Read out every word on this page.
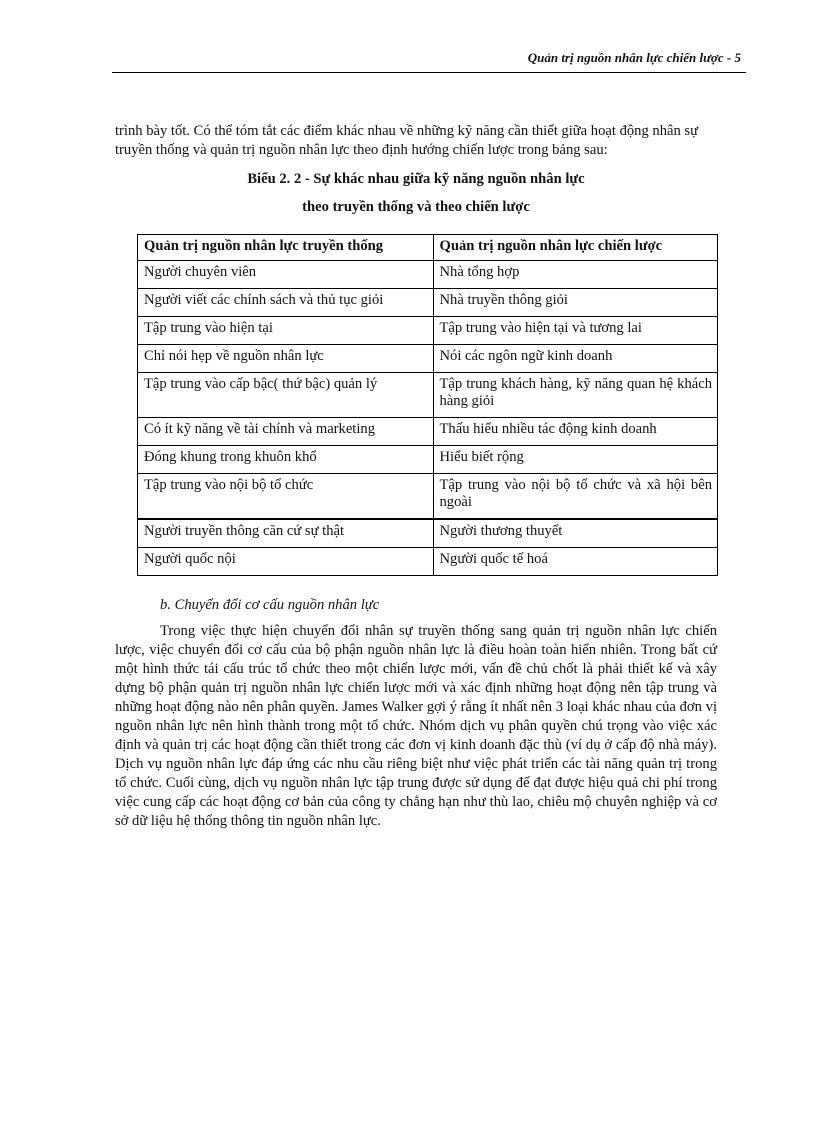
Quản trị nguồn nhân lực chiến lược - 5
trình bày tốt. Có thể tóm tắt các điểm khác nhau về những kỹ năng cần thiết giữa hoạt động nhân sự truyền thống và quản trị nguồn nhân lực theo định hướng chiến lược trong bảng sau:
Biểu 2. 2 - Sự khác nhau giữa kỹ năng nguồn nhân lực
theo truyền thống và theo chiến lược
Quản trị nguồn nhân lực truyền thống	Quản trị nguồn nhân lực chiến lược
Người chuyên viên	Nhà tổng hợp
Người viết các chính sách và thủ tục giỏi	Nhà truyền thông giỏi
Tập trung vào hiện tại	Tập trung vào hiện tại và tương lai
Chỉ nói hẹp về nguồn nhân lực	Nói các ngôn ngữ kinh doanh
Tập trung vào cấp bậc( thứ bậc) quản lý	Tập trung khách hàng, kỹ năng quan hệ khách hàng giỏi
Có ít kỹ năng về tài chính và marketing	Thấu hiểu nhiều tác động kinh doanh
Đóng khung trong khuôn khổ	Hiểu biết rộng
Tập trung vào nội bộ tổ chức	Tập trung vào nội bộ tổ chức và xã hội bên ngoài
Người truyền thông căn cứ sự thật	Người thương thuyết
Người quốc nội	Người quốc tế hoá
b. Chuyển đổi cơ cấu nguồn nhân lực
Trong việc thực hiện chuyển đổi nhân sự truyền thống sang quản trị nguồn nhân lực chiến lược, việc chuyển đổi cơ cấu của bộ phận nguồn nhân lực là điều hoàn toàn hiển nhiên. Trong bất cứ một hình thức tái cấu trúc tổ chức theo một chiến lược mới, vấn đề chủ chốt là phải thiết kế và xây dựng bộ phận quản trị nguồn nhân lực chiến lược mới và xác định những hoạt động nên tập trung và những hoạt động nào nên phân quyền. James Walker gợi ý rằng ít nhất nên 3 loại khác nhau của đơn vị nguồn nhân lực nên hình thành trong một tổ chức. Nhóm dịch vụ phân quyền chú trọng vào việc xác định và quản trị các hoạt động cần thiết trong các đơn vị kinh doanh đặc thù (ví dụ ở cấp độ nhà máy). Dịch vụ nguồn nhân lực đáp ứng các nhu cầu riêng biệt như việc phát triển các tài năng quản trị trong tổ chức. Cuối cùng, dịch vụ nguồn nhân lực tập trung được sử dụng để đạt được hiệu quả chi phí trong việc cung cấp các hoạt động cơ bản của công ty chẳng hạn như thù lao, chiêu mộ chuyên nghiệp và cơ sở dữ liệu hệ thống thông tin nguồn nhân lực.
